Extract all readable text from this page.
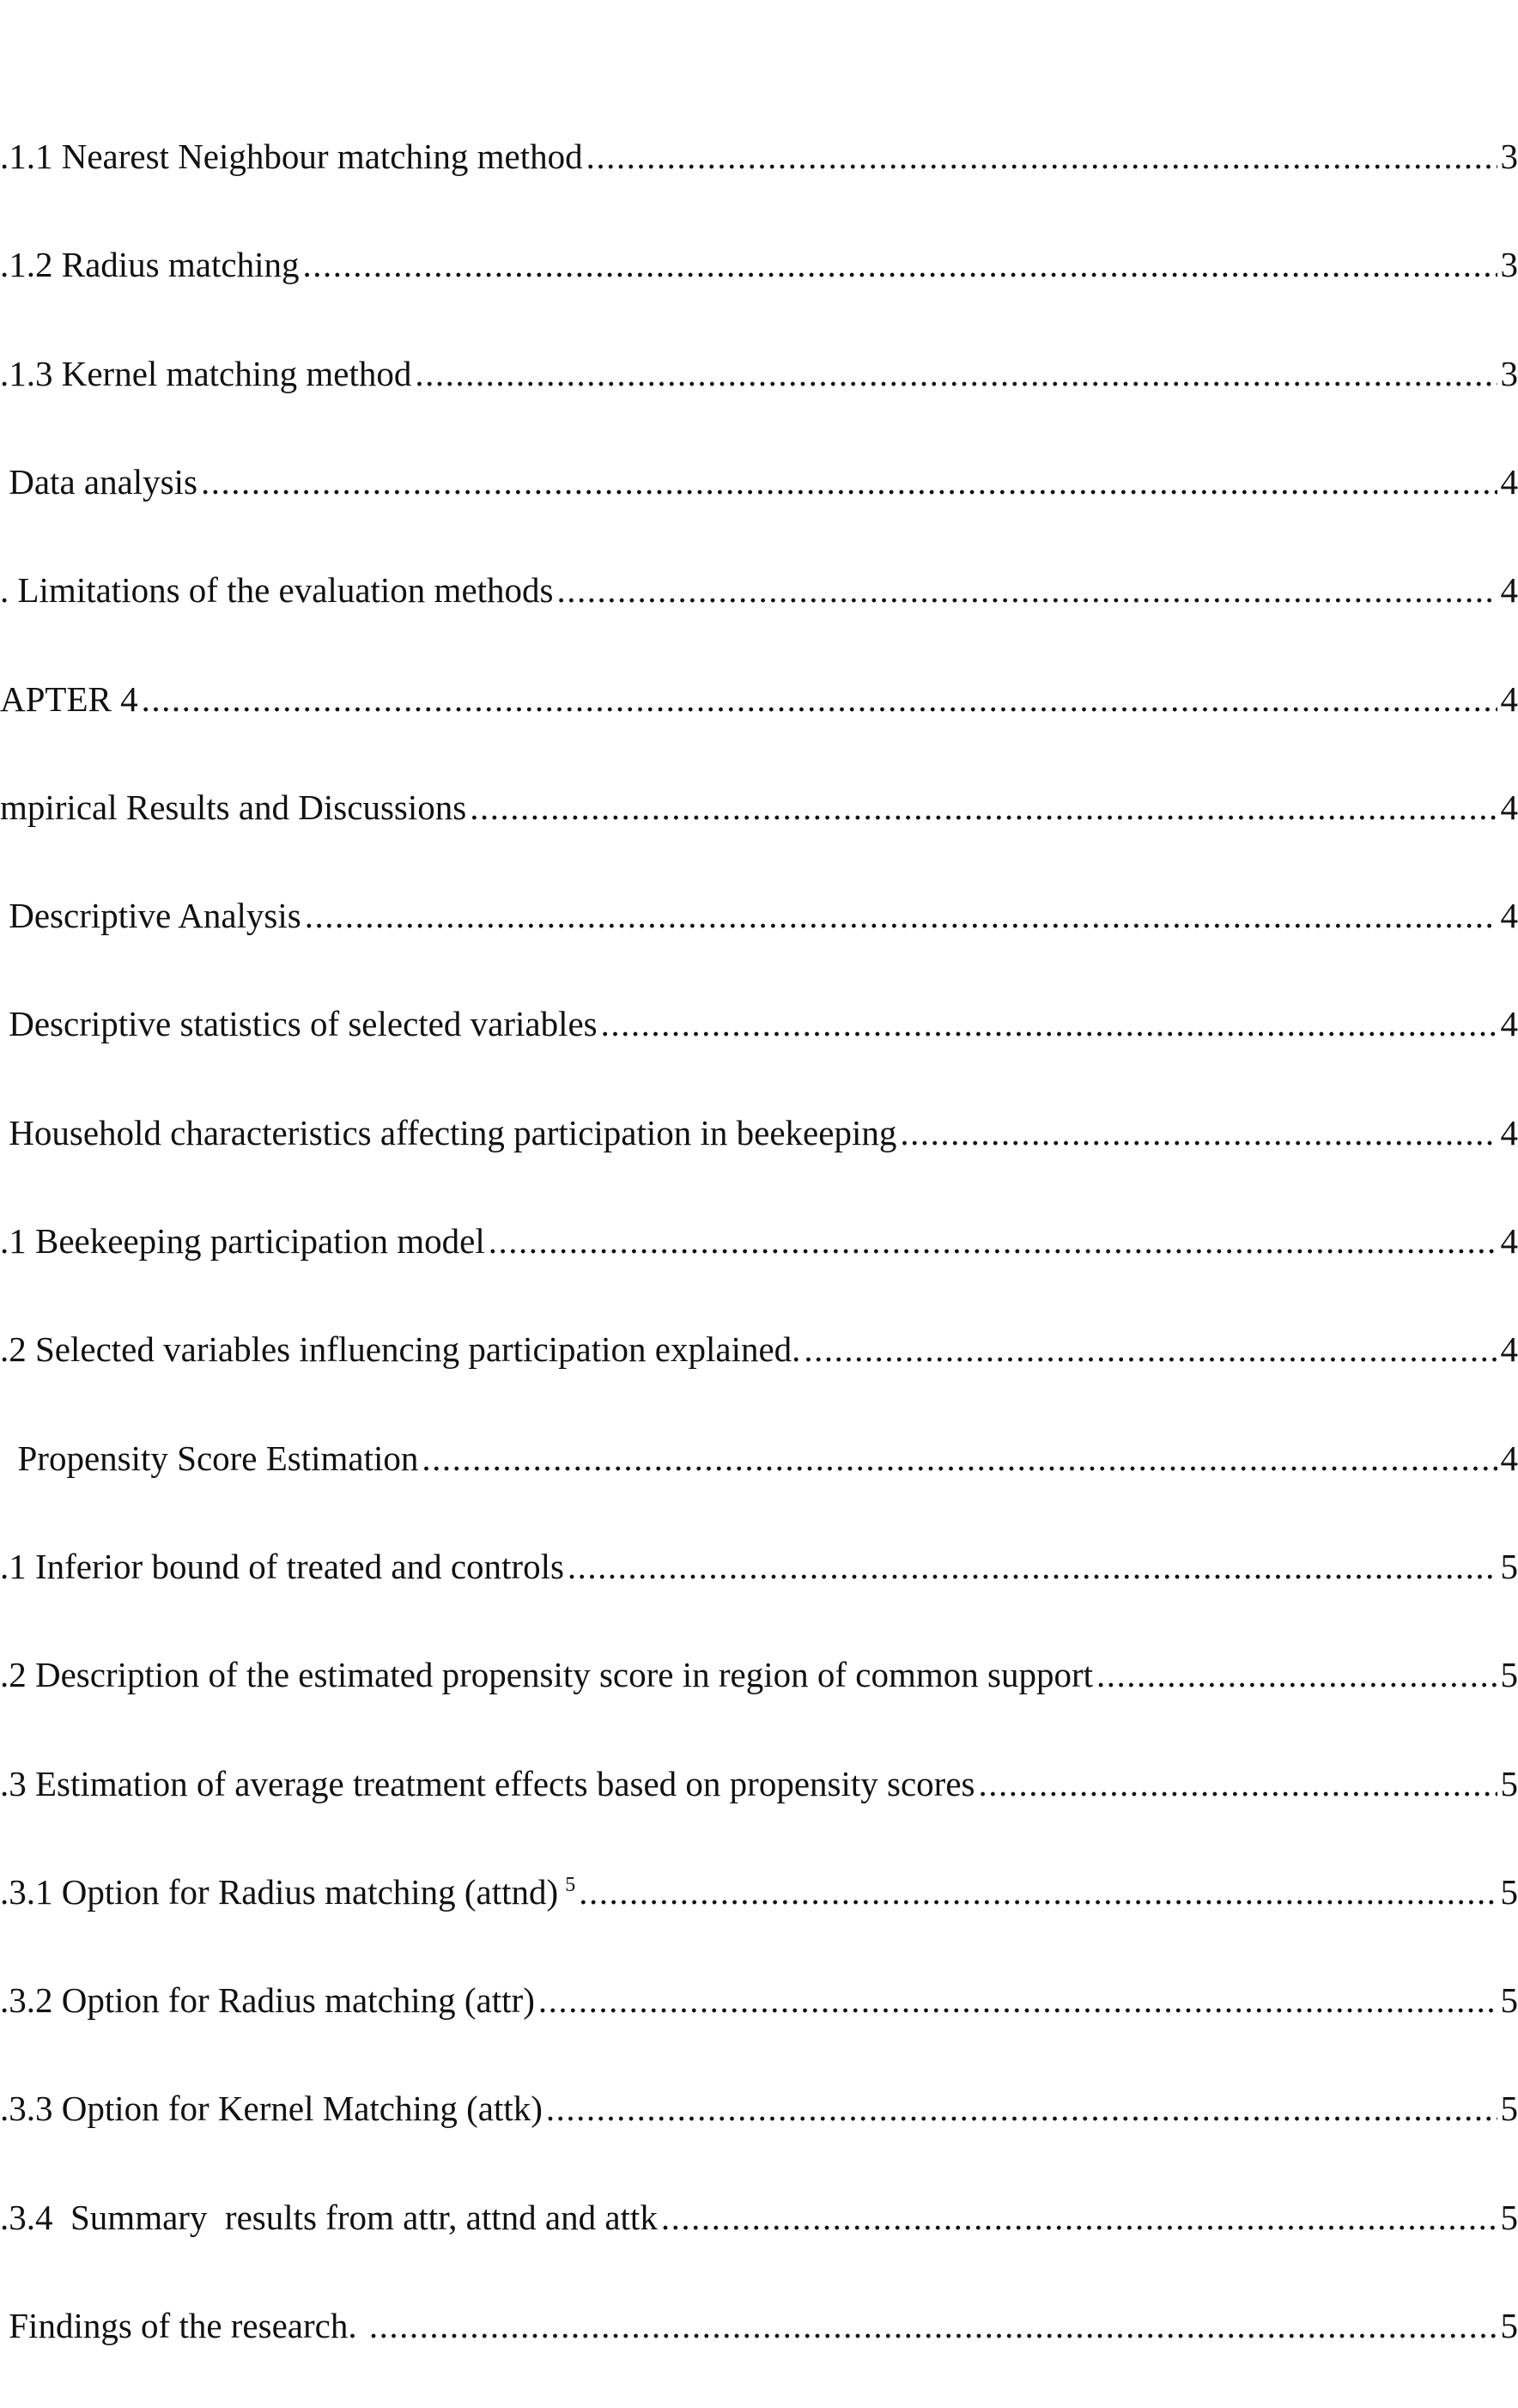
.1.1 Nearest Neighbour matching method .....	3
.1.2 Radius matching .....	3
.1.3 Kernel matching method .....	3
Data analysis .....	4
. Limitations of the evaluation methods .....	4
APTER 4 .....	4
mpirical Results and Discussions .....	4
Descriptive Analysis .....	4
Descriptive statistics of selected variables .....	4
Household characteristics affecting participation in beekeeping .....	4
.1 Beekeeping participation model .....	4
.2 Selected variables influencing participation explained. .....	4
Propensity Score Estimation .....	4
.1 Inferior bound of treated and controls .....	5
.2 Description of the estimated propensity score in region of common support .....	5
.3 Estimation of average treatment effects based on propensity scores .....	5
.3.1 Option for Radius matching (attnd) $^5$ .....	5
.3.2 Option for Radius matching (attr) .....	5
.3.3 Option for Kernel Matching (attk) .....	5
.3.4  Summary  results from attr, attnd and attk .....	5
Findings of the research. .....	5
